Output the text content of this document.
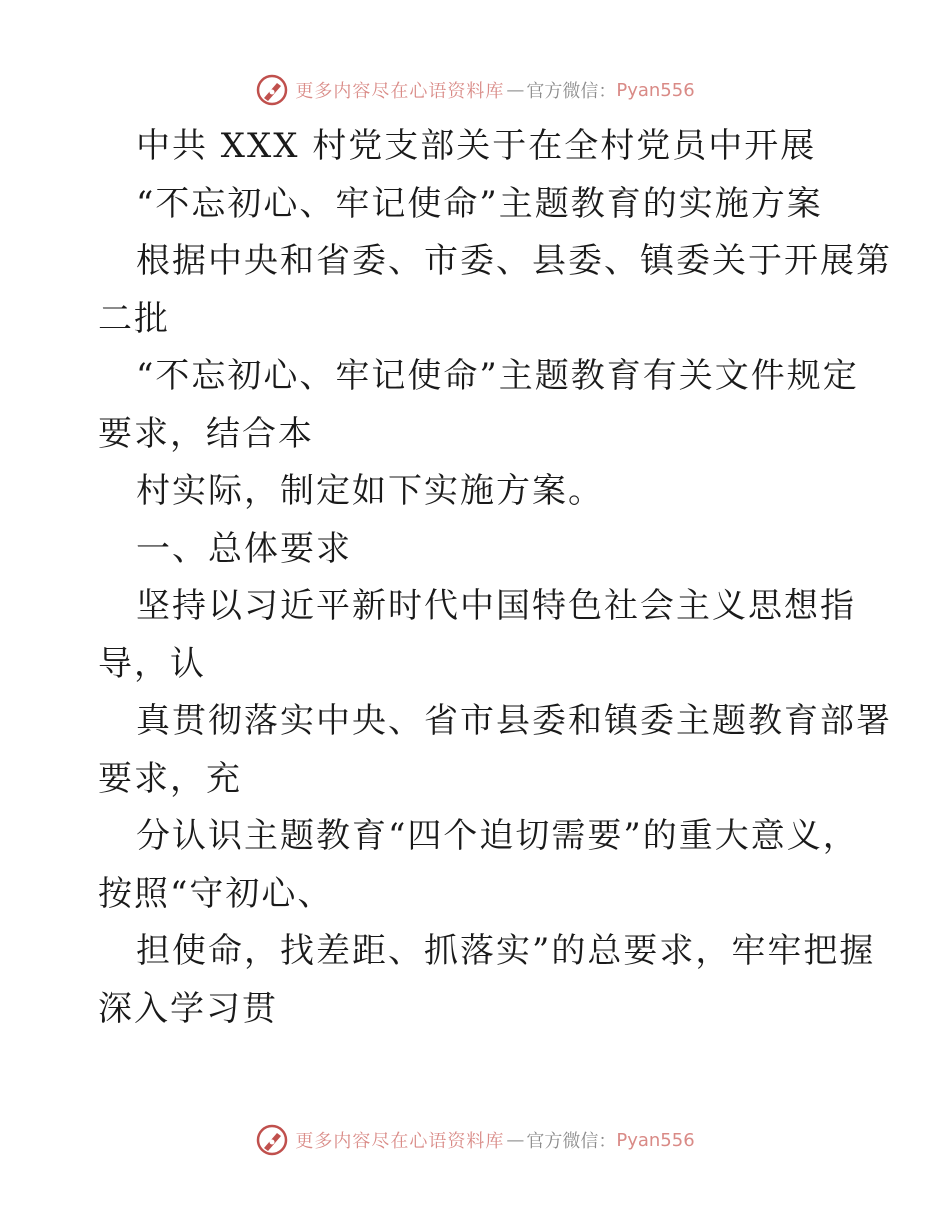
更多内容尽在心语资料库 — 官方微信： Pyan556
中共 XXX 村党支部关于在全村党员中开展
“不忘初心、牢记使命”主题教育的实施方案
根据中央和省委、市委、县委、镇委关于开展第
二批
“不忘初心、牢记使命”主题教育有关文件规定
要求，结合本
村实际，制定如下实施方案。
一、总体要求
坚持以习近平新时代中国特色社会主义思想指
导，认
真贯彻落实中央、省市县委和镇委主题教育部署
要求，充
分认识主题教育“四个迫切需要”的重大意义，
按照“守初心、
担使命，找差距、抓落实”的总要求，牢牢把握
深入学习贯
更多内容尽在心语资料库 — 官方微信： Pyan556
